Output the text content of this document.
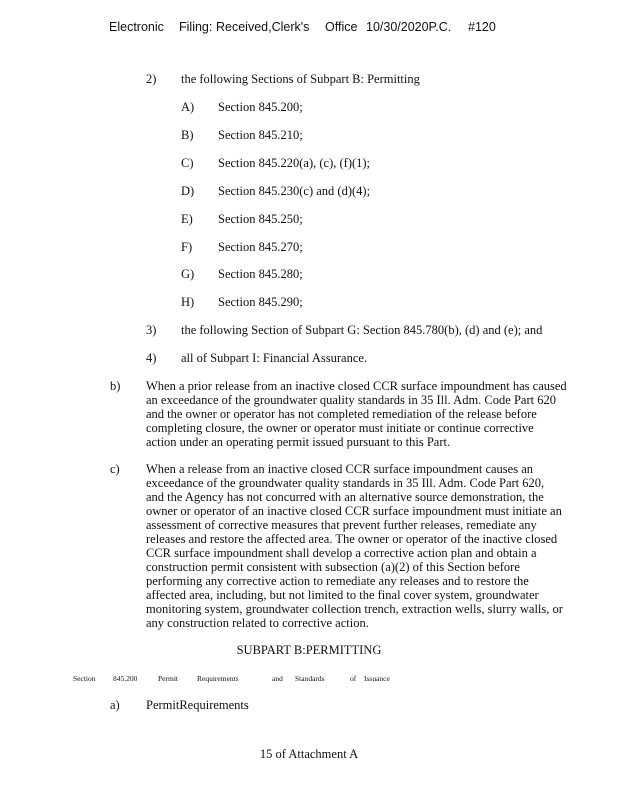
Electronic Filing: Received,Clerk's Office 10/30/2020P.C. #120
2) the following Sections of Subpart B: Permitting
A) Section 845.200;
B) Section 845.210;
C) Section 845.220(a), (c), (f)(1);
D) Section 845.230(c) and (d)(4);
E) Section 845.250;
F) Section 845.270;
G) Section 845.280;
H) Section 845.290;
3) the following Section of Subpart G: Section 845.780(b), (d) and (e); and
4) all of Subpart I: Financial Assurance.
b) When a prior release from an inactive closed CCR surface impoundment has caused
an exceedance of the groundwater quality standards in 35 Ill. Adm. Code Part 620
and the owner or operator has not completed remediation of the release before
completing closure, the owner or operator must initiate or continue corrective
action under an operating permit issued pursuant to this Part.
c) When a release from an inactive closed CCR surface impoundment causes an
exceedance of the groundwater quality standards in 35 Ill. Adm. Code Part 620,
and the Agency has not concurred with an alternative source demonstration, the
owner or operator of an inactive closed CCR surface impoundment must initiate an
assessment of corrective measures that prevent further releases, remediate any
releases and restore the affected area. The owner or operator of the inactive closed
CCR surface impoundment shall develop a corrective action plan and obtain a
construction permit consistent with subsection (a)(2) of this Section before
performing any corrective action to remediate any releases and to restore the
affected area, including, but not limited to the final cover system, groundwater
monitoring system, groundwater collection trench, extraction wells, slurry walls, or
any construction related to corrective action.
SUBPART B:PERMITTING
Section 845.200	Permit	Requirements	and Standards	of Issuance
a) PermitRequirements
15 of Attachment A
